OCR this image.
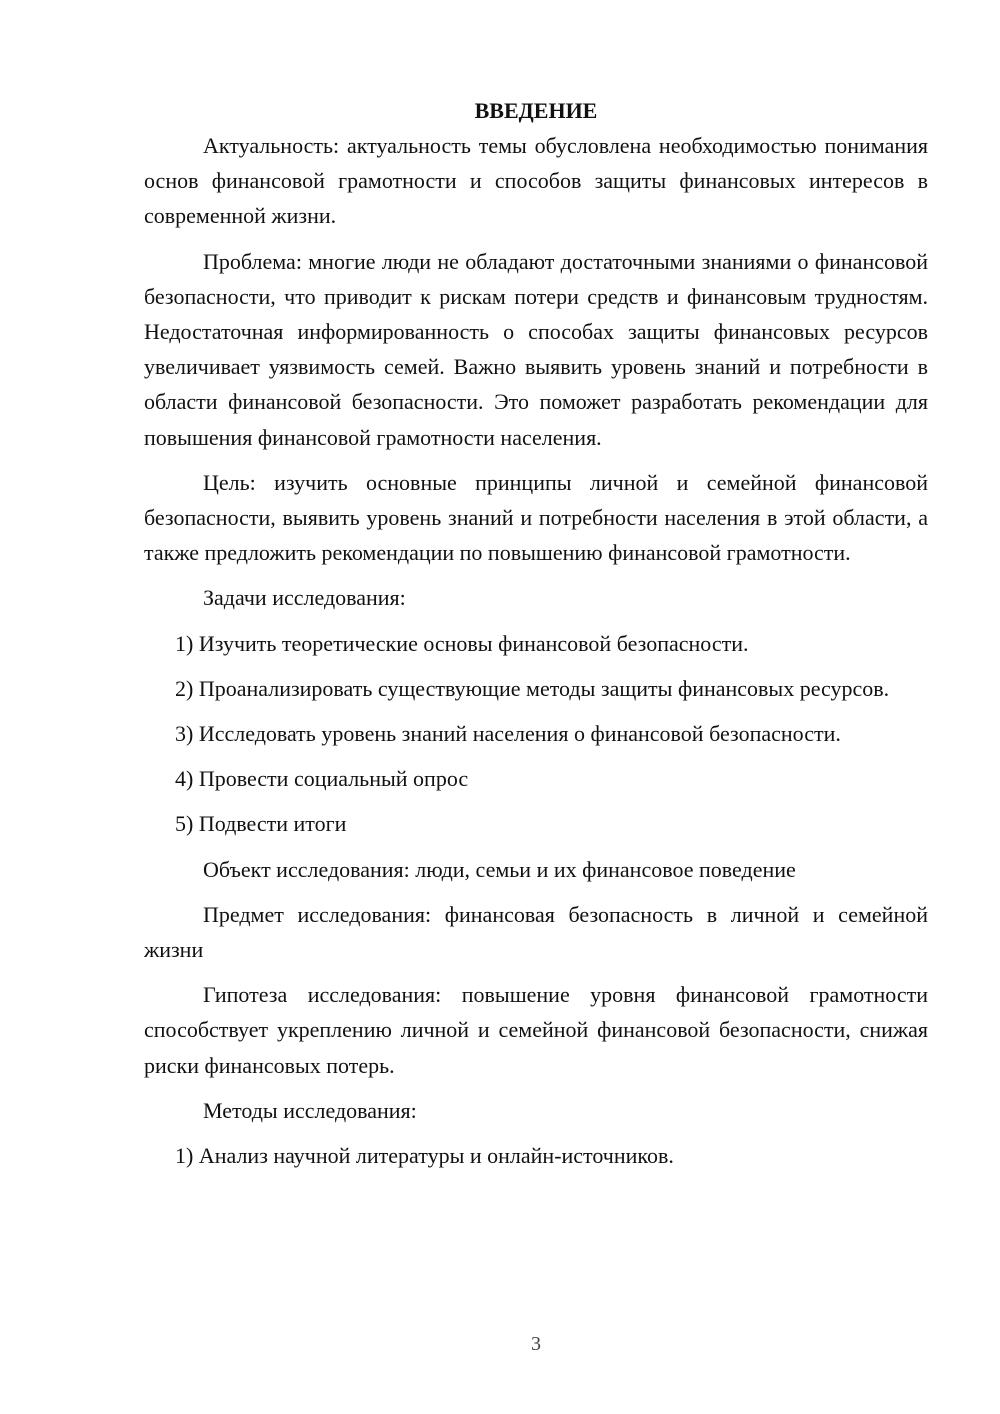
ВВЕДЕНИЕ

Актуальность: актуальность темы обусловлена необходимостью понимания основ финансовой грамотности и способов защиты финансовых интересов в современной жизни.

Проблема: многие люди не обладают достаточными знаниями о финансовой безопасности, что приводит к рискам потери средств и финансовым трудностям. Недостаточная информированность о способах защиты финансовых ресурсов увеличивает уязвимость семей. Важно выявить уровень знаний и потребности в области финансовой безопасности. Это поможет разработать рекомендации для повышения финансовой грамотности населения.

Цель: изучить основные принципы личной и семейной финансовой безопасности, выявить уровень знаний и потребности населения в этой области, а также предложить рекомендации по повышению финансовой грамотности.

Задачи исследования:

1) Изучить теоретические основы финансовой безопасности.

2) Проанализировать существующие методы защиты финансовых ресурсов.

3) Исследовать уровень знаний населения о финансовой безопасности.

4) Провести социальный опрос

5) Подвести итоги

Объект исследования: люди, семьи и их финансовое поведение

Предмет исследования: финансовая безопасность в личной и семейной жизни

Гипотеза исследования: повышение уровня финансовой грамотности способствует укреплению личной и семейной финансовой безопасности, снижая риски финансовых потерь.

Методы исследования:

1) Анализ научной литературы и онлайн-источников.

3
